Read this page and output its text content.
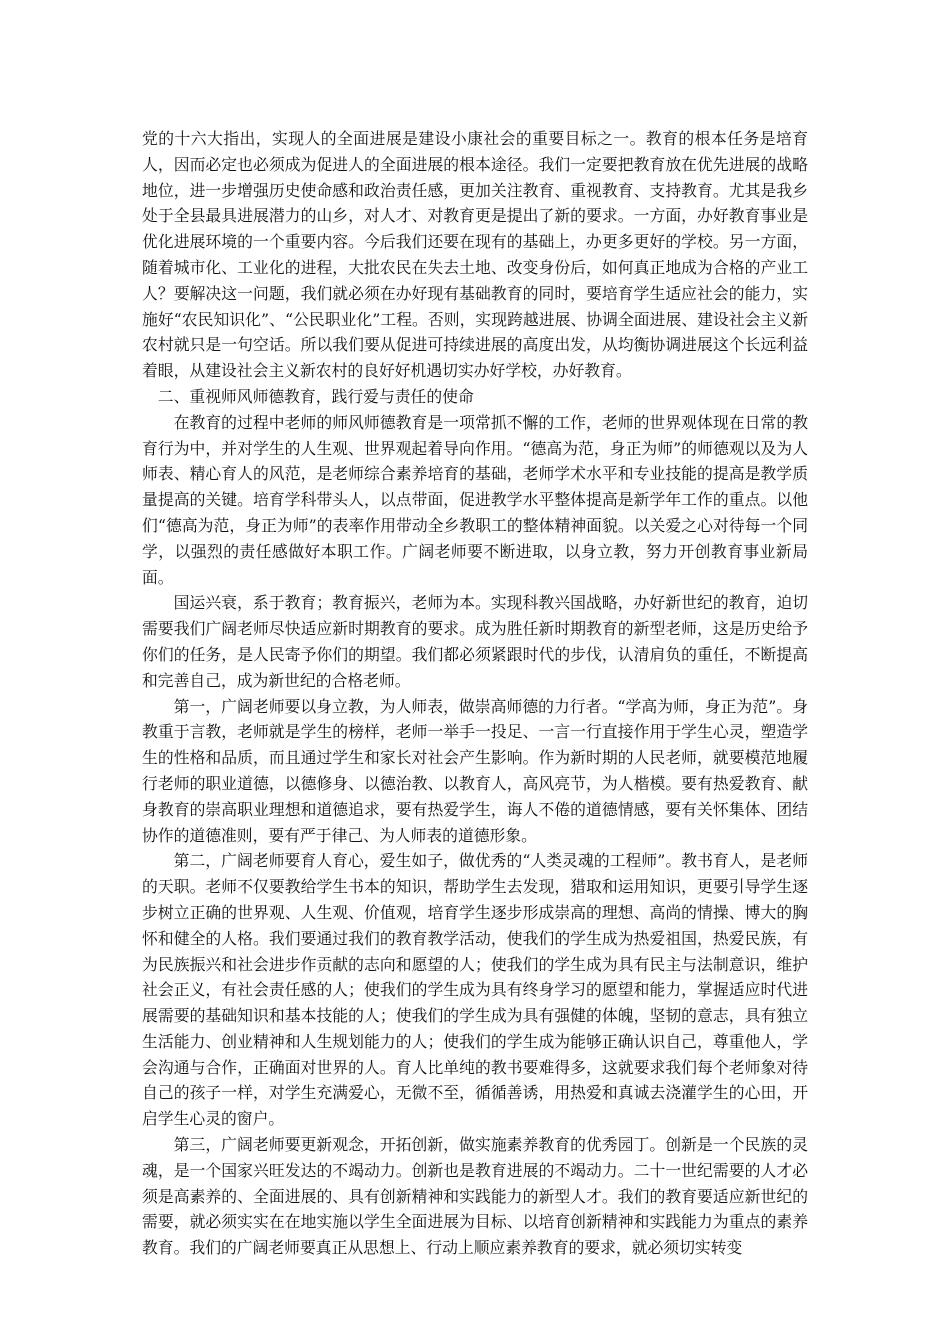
党的十六大指出，实现人的全面进展是建设小康社会的重要目标之一。教育的根本任务是培育人，因而必定也必须成为促进人的全面进展的根本途径。我们一定要把教育放在优先进展的战略地位，进一步增强历史使命感和政治责任感，更加关注教育、重视教育、支持教育。尤其是我乡处于全县最具进展潜力的山乡，对人才、对教育更是提出了新的要求。一方面，办好教育事业是优化进展环境的一个重要内容。今后我们还要在现有的基础上，办更多更好的学校。另一方面，随着城市化、工业化的进程，大批农民在失去土地、改变身份后，如何真正地成为合格的产业工人？要解决这一问题，我们就必须在办好现有基础教育的同时，要培育学生适应社会的能力，实施好“农民知识化”、“公民职业化”工程。否则，实现跨越进展、协调全面进展、建设社会主义新农村就只是一句空话。所以我们要从促进可持续进展的高度出发，从均衡协调进展这个长远利益着眼，从建设社会主义新农村的良好好机遇切实办好学校，办好教育。

二、重视师风师德教育，践行爱与责任的使命

在教育的过程中老师的师风师德教育是一项常抓不懈的工作，老师的世界观体现在日常的教育行为中，并对学生的人生观、世界观起着导向作用。“德高为范，身正为师”的师德观以及为人师表、精心育人的风范，是老师综合素养培育的基础，老师学术水平和专业技能的提高是教学质量提高的关键。培育学科带头人，以点带面，促进教学水平整体提高是新学年工作的重点。以他们“德高为范，身正为师”的表率作用带动全乡教职工的整体精神面貌。以关爱之心对待每一个同学，以强烈的责任感做好本职工作。广阔老师要不断进取，以身立教，努力开创教育事业新局面。

国运兴衰，系于教育；教育振兴，老师为本。实现科教兴国战略，办好新世纪的教育，迫切需要我们广阔老师尽快适应新时期教育的要求。成为胜任新时期教育的新型老师，这是历史给予你们的任务，是人民寄予你们的期望。我们都必须紧跟时代的步伐，认清肩负的重任，不断提高和完善自己，成为新世纪的合格老师。

第一，广阔老师要以身立教，为人师表，做崇高师德的力行者。“学高为师，身正为范”。身教重于言教，老师就是学生的榜样，老师一举手一投足、一言一行直接作用于学生心灵，塑造学生的性格和品质，而且通过学生和家长对社会产生影响。作为新时期的人民老师，就要模范地履行老师的职业道德，以德修身、以德治教、以教育人，高风亮节，为人楷模。要有热爱教育、献身教育的崇高职业理想和道德追求，要有热爱学生，诲人不倦的道德情感，要有关怀集体、团结协作的道德准则，要有严于律己、为人师表的道德形象。

第二，广阔老师要育人育心，爱生如子，做优秀的“人类灵魂的工程师”。教书育人，是老师的天职。老师不仅要教给学生书本的知识，帮助学生去发现，猎取和运用知识，更要引导学生逐步树立正确的世界观、人生观、价值观，培育学生逐步形成崇高的理想、高尚的情操、博大的胸怀和健全的人格。我们要通过我们的教育教学活动，使我们的学生成为热爱祖国，热爱民族，有为民族振兴和社会进步作贡献的志向和愿望的人；使我们的学生成为具有民主与法制意识，维护社会正义，有社会责任感的人；使我们的学生成为具有终身学习的愿望和能力，掌握适应时代进展需要的基础知识和基本技能的人；使我们的学生成为具有强健的体魄，坚韧的意志，具有独立生活能力、创业精神和人生规划能力的人；使我们的学生成为能够正确认识自己，尊重他人，学会沟通与合作，正确面对世界的人。育人比单纯的教书要难得多，这就要求我们每个老师象对待自己的孩子一样，对学生充满爱心，无微不至，循循善诱，用热爱和真诚去浇灌学生的心田，开启学生心灵的窗户。

第三，广阔老师要更新观念，开拓创新，做实施素养教育的优秀园丁。创新是一个民族的灵魂，是一个国家兴旺发达的不竭动力。创新也是教育进展的不竭动力。二十一世纪需要的人才必须是高素养的、全面进展的、具有创新精神和实践能力的新型人才。我们的教育要适应新世纪的需要，就必须实实在在地实施以学生全面进展为目标、以培育创新精神和实践能力为重点的素养教育。我们的广阔老师要真正从思想上、行动上顺应素养教育的要求，就必须切实转变
